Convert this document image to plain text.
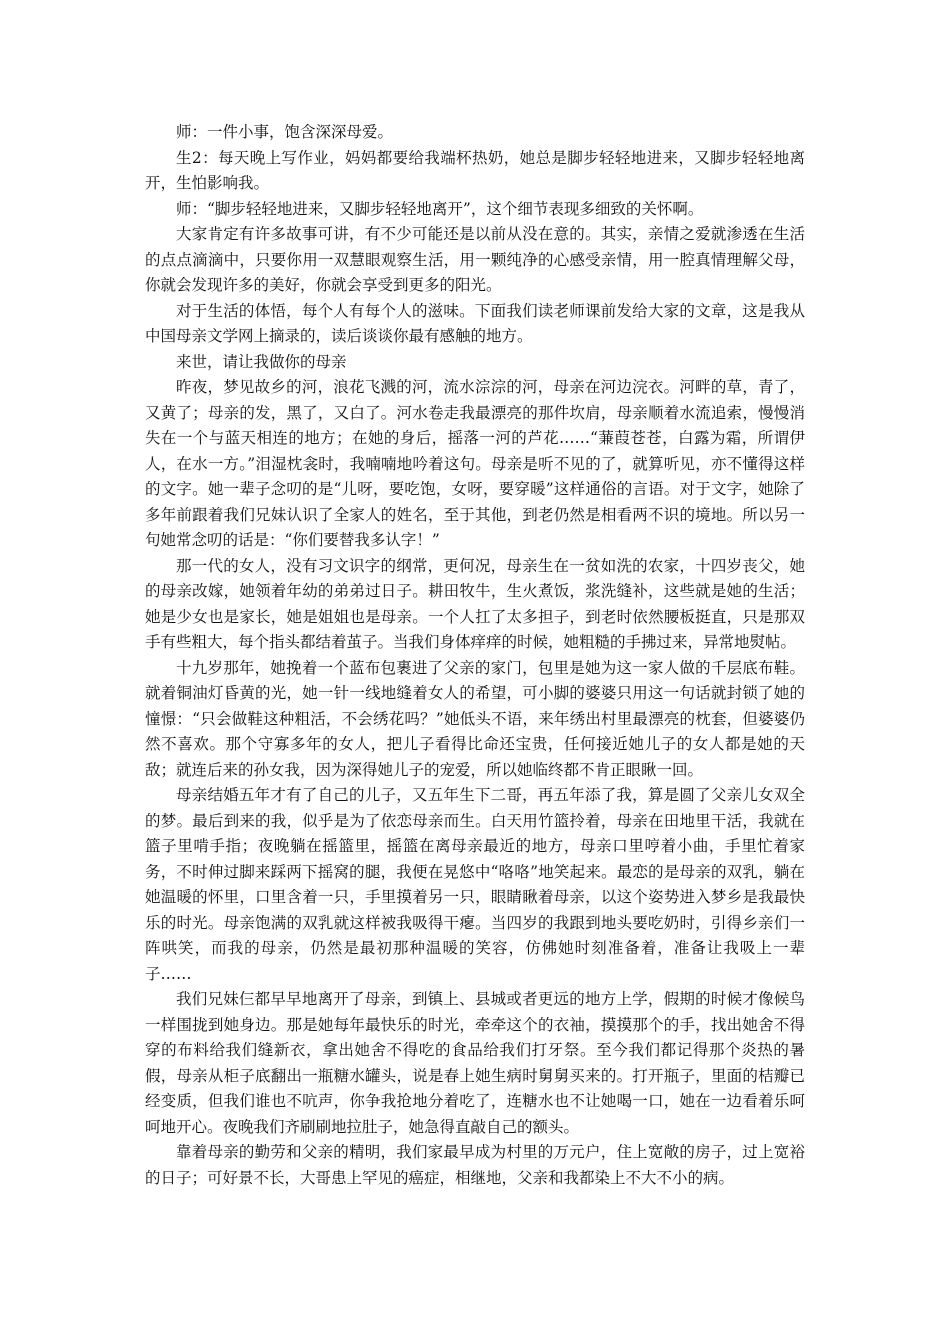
师：一件小事，饱含深深母爱。

生2：每天晚上写作业，妈妈都要给我端杯热奶，她总是脚步轻轻地进来，又脚步轻轻地离开，生怕影响我。

师：“脚步轻轻地进来，又脚步轻轻地离开”，这个细节表现多细致的关怀啊。

大家肯定有许多故事可讲，有不少可能还是以前从没在意的。其实，亲情之爱就渗透在生活的点点滴滴中，只要你用一双慧眼观察生活，用一颗纯净的心感受亲情，用一腔真情理解父母，你就会发现许多的美好，你就会享受到更多的阳光。

对于生活的体悟，每个人有每个人的滋味。下面我们读老师课前发给大家的文章，这是我从中国母亲文学网上摘录的，读后谈谈你最有感触的地方。

来世，请让我做你的母亲

昨夜，梦见故乡的河，浪花飞溅的河，流水淙淙的河，母亲在河边浣衣。河畔的草，青了，又黄了；母亲的发，黑了，又白了。河水卷走我最漂亮的那件坎肩，母亲顺着水流追索，慢慢消失在一个与蓝天相连的地方；在她的身后，摇落一河的芦花……“蒹葭苍苍，白露为霜，所谓伊人，在水一方。”泪湿枕衾时，我喃喃地吟着这句。母亲是听不见的了，就算听见，亦不懂得这样的文字。她一辈子念叨的是“儿呀，要吃饱，女呀，要穿暖”这样通俗的言语。对于文字，她除了多年前跟着我们兄妹认识了全家人的姓名，至于其他，到老仍然是相看两不识的境地。所以另一句她常念叨的话是：“你们要替我多认字！”

那一代的女人，没有习文识字的纲常，更何况，母亲生在一贫如洗的农家，十四岁丧父，她的母亲改嫁，她领着年幼的弟弟过日子。耕田牧牛，生火煮饭，浆洗缝补，这些就是她的生活；她是少女也是家长，她是姐姐也是母亲。一个人扛了太多担子，到老时依然腰板挺直，只是那双手有些粗大，每个指头都结着茧子。当我们身体痒痒的时候，她粗糙的手拂过来，异常地熨帖。

十九岁那年，她挽着一个蓝布包裹进了父亲的家门，包里是她为这一家人做的千层底布鞋。就着铜油灯昏黄的光，她一针一线地缝着女人的希望，可小脚的婆婆只用这一句话就封锁了她的憧憬：“只会做鞋这种粗活，不会绣花吗？”她低头不语，来年绣出村里最漂亮的枕套，但婆婆仍然不喜欢。那个守寡多年的女人，把儿子看得比命还宝贵，任何接近她儿子的女人都是她的天敌；就连后来的孙女我，因为深得她儿子的宠爱，所以她临终都不肯正眼瞅一回。

母亲结婚五年才有了自己的儿子，又五年生下二哥，再五年添了我，算是圆了父亲儿女双全的梦。最后到来的我，似乎是为了依恋母亲而生。白天用竹篮拎着，母亲在田地里干活，我就在篮子里啃手指；夜晚躺在摇篮里，摇篮在离母亲最近的地方，母亲口里哼着小曲，手里忙着家务，不时伸过脚来踩两下摇窝的腿，我便在晃悠中“咯咯”地笑起来。最恋的是母亲的双乳，躺在她温暖的怀里，口里含着一只，手里摸着另一只，眼睛瞅着母亲，以这个姿势进入梦乡是我最快乐的时光。母亲饱满的双乳就这样被我吸得干瘪。当四岁的我跟到地头要吃奶时，引得乡亲们一阵哄笑，而我的母亲，仍然是最初那种温暖的笑容，仿佛她时刻准备着，准备让我吸上一辈子……

我们兄妹仨都早早地离开了母亲，到镇上、县城或者更远的地方上学，假期的时候才像候鸟一样围拢到她身边。那是她每年最快乐的时光，牵牵这个的衣袖，摸摸那个的手，找出她舍不得穿的布料给我们缝新衣，拿出她舍不得吃的食品给我们打牙祭。至今我们都记得那个炎热的暑假，母亲从柜子底翻出一瓶糖水罐头，说是春上她生病时舅舅买来的。打开瓶子，里面的桔瓣已经变质，但我们谁也不吭声，你争我抢地分着吃了，连糖水也不让她喝一口，她在一边看着乐呵呵地开心。夜晚我们齐刷刷地拉肚子，她急得直敲自己的额头。

靠着母亲的勤劳和父亲的精明，我们家最早成为村里的万元户，住上宽敞的房子，过上宽裕的日子；可好景不长，大哥患上罕见的癌症，相继地，父亲和我都染上不大不小的病。
